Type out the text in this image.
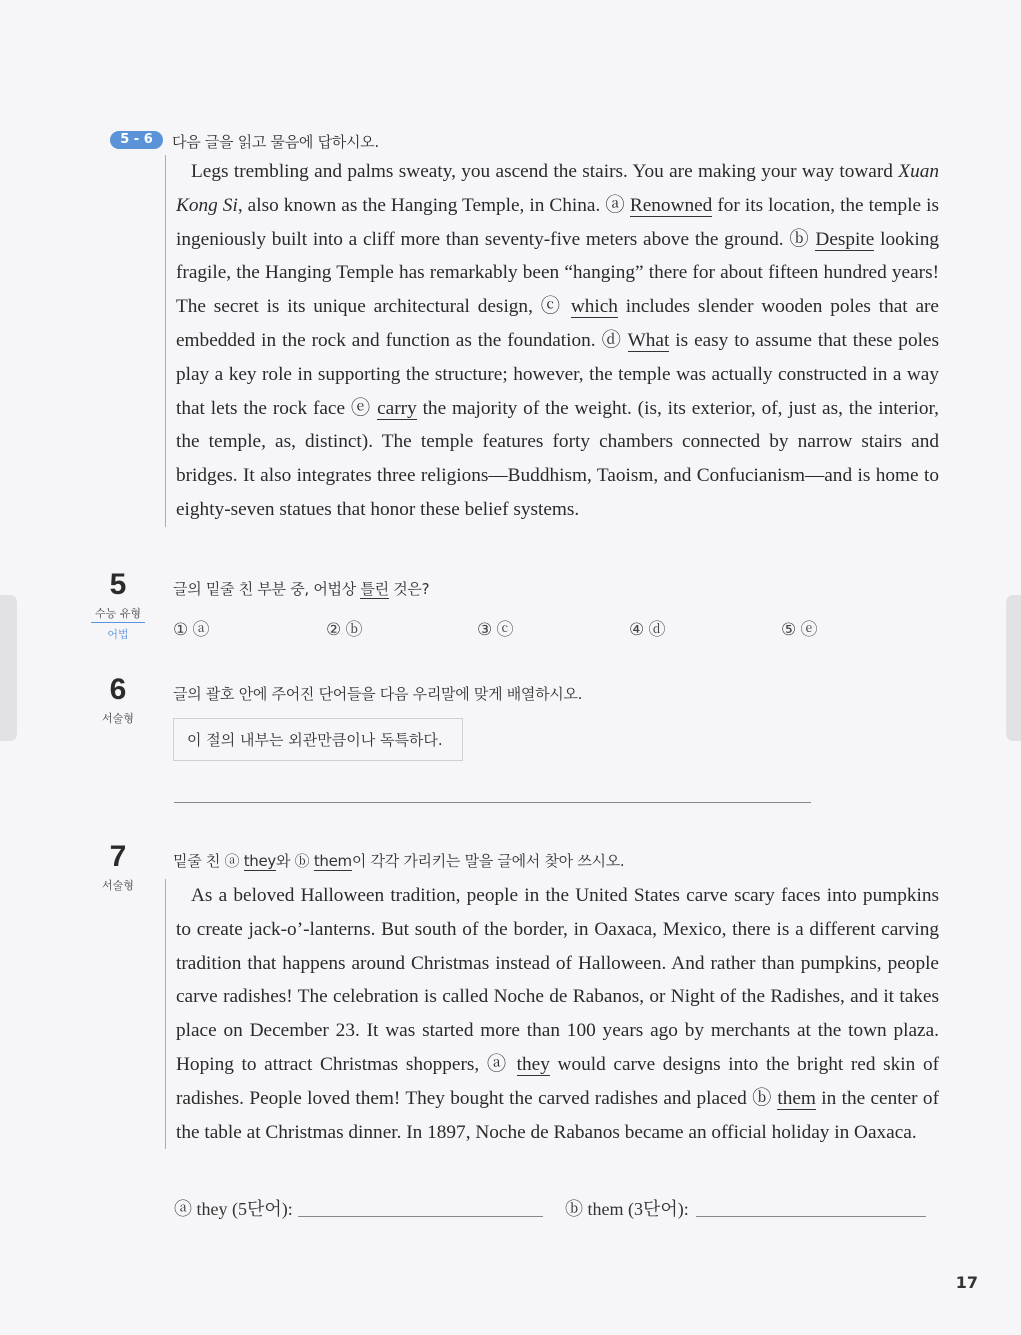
5 - 6	다음 글을 읽고 물음에 답하시오.
Legs trembling and palms sweaty, you ascend the stairs. You are making your way toward Xuan Kong Si, also known as the Hanging Temple, in China. ⓐ Renowned for its location, the temple is ingeniously built into a cliff more than seventy-five meters above the ground. ⓑ Despite looking fragile, the Hanging Temple has remarkably been “hanging” there for about fifteen hundred years! The secret is its unique architectural design, ⓒ which includes slender wooden poles that are embedded in the rock and function as the foundation. ⓓ What is easy to assume that these poles play a key role in supporting the structure; however, the temple was actually constructed in a way that lets the rock face ⓔ carry the majority of the weight. (is, its exterior, of, just as, the interior, the temple, as, distinct). The temple features forty chambers connected by narrow stairs and bridges. It also integrates three religions—Buddhism, Taoism, and Confucianism—and is home to eighty-seven statues that honor these belief systems.
5
수능 유형
어법
글의 밑줄 친 부분 중, 어법상 틀린 것은?
① ⓐ	② ⓑ	③ ⓒ	④ ⓓ	⑤ ⓔ
6
서술형
글의 괄호 안에 주어진 단어들을 다음 우리말에 맞게 배열하시오.
이 절의 내부는 외관만큼이나 독특하다.
7
서술형
밑줄 친 ⓐ they와 ⓑ them이 각각 가리키는 말을 글에서 찾아 쓰시오.
As a beloved Halloween tradition, people in the United States carve scary faces into pumpkins to create jack-o’-lanterns. But south of the border, in Oaxaca, Mexico, there is a different carving tradition that happens around Christmas instead of Halloween. And rather than pumpkins, people carve radishes! The celebration is called Noche de Rabanos, or Night of the Radishes, and it takes place on December 23. It was started more than 100 years ago by merchants at the town plaza. Hoping to attract Christmas shoppers, ⓐ they would carve designs into the bright red skin of radishes. People loved them! They bought the carved radishes and placed ⓑ them in the center of the table at Christmas dinner. In 1897, Noche de Rabanos became an official holiday in Oaxaca.
ⓐ they (5단어):	ⓑ them (3단어):
17
